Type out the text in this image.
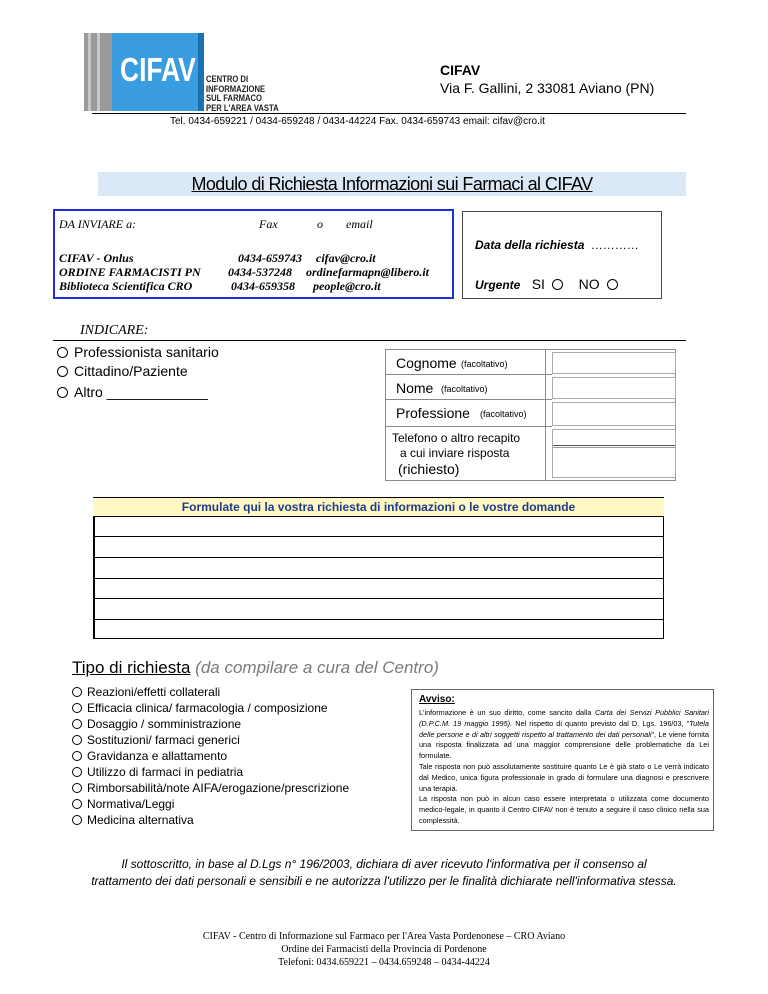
CIFAV CENTRO DI
INFORMAZIONE
SUL FARMACO
PER L'AREA VASTA
CIFAV
Via F. Gallini, 2 33081 Aviano (PN)
Tel. 0434-659221 / 0434-659248 / 0434-44224 Fax. 0434-659743 email: cifav@cro.it
Modulo di Richiesta Informazioni sui Farmaci al CIFAV
DA INVIARE a:	Fax	o email
CIFAV - Onlus	0434-659743 cifav@cro.it
ORDINE FARMACISTI PN 0434-537248 ordinefarmapn@libero.it
Biblioteca Scientifica CRO	0434-659358 people@cro.it
Data della richiesta …………
Urgente SI NO
INDICARE:
Professionista sanitario
Cittadino/Paziente
Altro _____________
Cognome (facoltativo)
Nome (facoltativo)
Professione (facoltativo)
Telefono o altro recapito
a cui inviare risposta
(richiesto)
Formulate qui la vostra richiesta di informazioni o le vostre domande
Tipo di richiesta (da compilare a cura del Centro)
Reazioni/effetti collaterali
Efficacia clinica/ farmacologia / composizione
Dosaggio / somministrazione
Sostituzioni/ farmaci generici
Gravidanza e allattamento
Utilizzo di farmaci in pediatria
Rimborsabilità/note AIFA/erogazione/prescrizione
Normativa/Leggi
Medicina alternativa
Avviso:
L'informazione è un suo diritto, come sancito dalla Carta dei Servizi Pubblici Sanitari (D.P.C.M. 19 maggio 1995). Nel rispetto di quanto previsto dal D. Lgs. 196/03, "Tutela delle persone e di altri soggetti rispetto al trattamento dei dati personali", Le viene fornita una risposta finalizzata ad una maggior comprensione delle problematiche da Lei formulate.
Tale risposta non può assolutamente sostituire quanto Le è già stato o Le verrà indicato dal Medico, unica figura professionale in grado di formulare una diagnosi e prescrivere una terapia.
La risposta non può in alcun caso essere interpretata o utilizzata come documento medico-legale, in quanto il Centro CIFAV non è tenuto a seguire il caso clinico nella sua complessità.
Il sottoscritto, in base al D.Lgs n° 196/2003, dichiara di aver ricevuto l'informativa per il consenso al
trattamento dei dati personali e sensibili e ne autorizza l'utilizzo per le finalità dichiarate nell'informativa stessa.
CIFAV - Centro di Informazione sul Farmaco per l'Area Vasta Pordenonese – CRO Aviano
Ordine dei Farmacisti della Provincia di Pordenone
Telefoni: 0434.659221 – 0434.659248 – 0434-44224
